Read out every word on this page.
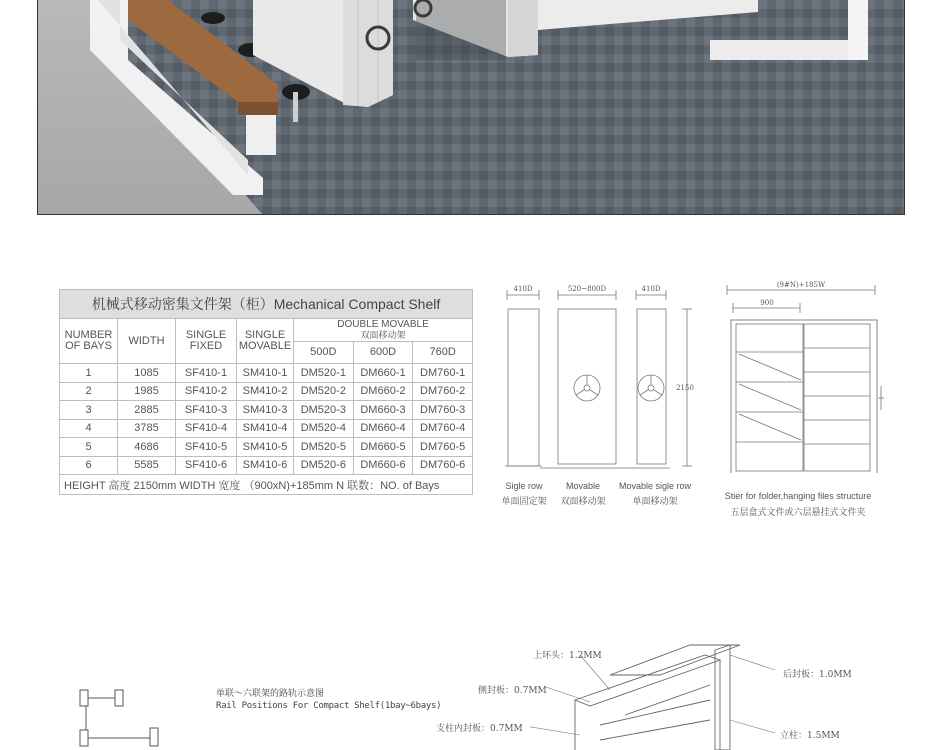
机械式移动密集文件架（柜）Mechanical Compact Shelf						
NUMBER OF BAYS	WIDTH	SINGLE FIXED	SINGLE MOVABLE	DOUBLE MOVABLE
双面移动架		

				500D	600D	760D
1	1085	SF410-1	SM410-1	DM520-1	DM660-1	DM760-1
2	1985	SF410-2	SM410-2	DM520-2	DM660-2	DM760-2
3	2885	SF410-3	SM410-3	DM520-3	DM660-3	DM760-3
4	3785	SF410-4	SM410-4	DM520-4	DM660-4	DM760-4
5	4686	SF410-5	SM410-5	DM520-5	DM660-5	DM760-5
6	5585	SF410-6	SM410-6	DM520-6	DM660-6	DM760-6
HEIGHT 高度 2150mm WIDTH 宽度 （900xN)+185mm N 联数：NO. of Bays						
410D	520~800D	410D
2150
(9#N)+185W
900
Sigle row
单面固定架
Movable
双面移动架
Movable sigle row
单面移动架	Stier for folder,hanging files structure
五层盒式文件或六层悬挂式文件夹
单联～六联架的路轨示意图
Rail Positions For Compact Shelf(1bay~6bays)
上环头：1.2MM
侧封板：0.7MM
支柱内封板：0.7MM
后封板：1.0MM
立柱：1.5MM
